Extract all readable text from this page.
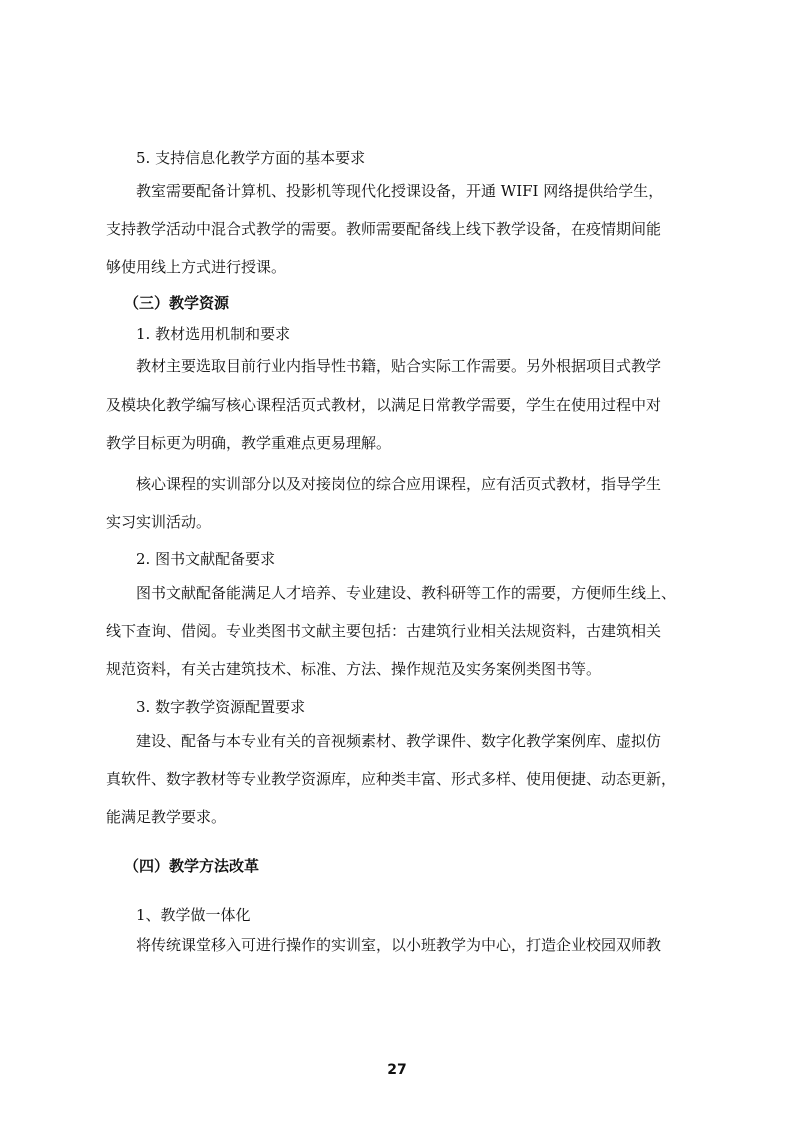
5. 支持信息化教学方面的基本要求

教室需要配备计算机、投影机等现代化授课设备，开通 WIFI 网络提供给学生，

支持教学活动中混合式教学的需要。教师需要配备线上线下教学设备，在疫情期间能

够使用线上方式进行授课。

（三）教学资源

1. 教材选用机制和要求

教材主要选取目前行业内指导性书籍，贴合实际工作需要。另外根据项目式教学

及模块化教学编写核心课程活页式教材，以满足日常教学需要，学生在使用过程中对

教学目标更为明确，教学重难点更易理解。

核心课程的实训部分以及对接岗位的综合应用课程，应有活页式教材，指导学生

实习实训活动。

2. 图书文献配备要求

图书文献配备能满足人才培养、专业建设、教科研等工作的需要，方便师生线上、

线下查询、借阅。专业类图书文献主要包括：古建筑行业相关法规资料，古建筑相关

规范资料，有关古建筑技术、标准、方法、操作规范及实务案例类图书等。

3. 数字教学资源配置要求

建设、配备与本专业有关的音视频素材、教学课件、数字化教学案例库、虚拟仿

真软件、数字教材等专业教学资源库，应种类丰富、形式多样、使用便捷、动态更新，

能满足教学要求。

（四）教学方法改革

1、教学做一体化

将传统课堂移入可进行操作的实训室，以小班教学为中心，打造企业校园双师教

27
